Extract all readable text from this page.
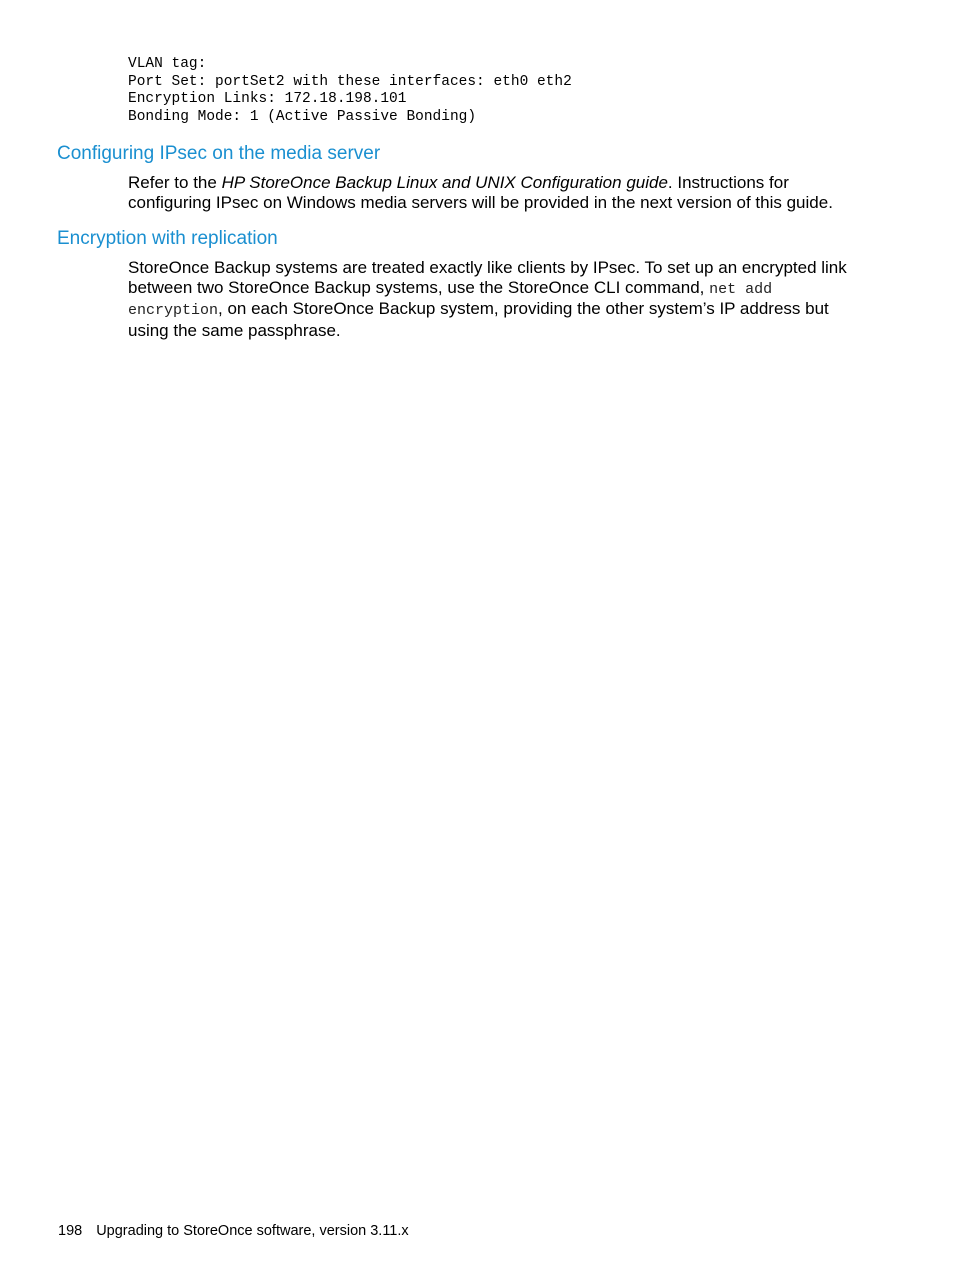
VLAN tag:
Port Set: portSet2 with these interfaces: eth0 eth2
Encryption Links: 172.18.198.101
Bonding Mode: 1 (Active Passive Bonding)
Configuring IPsec on the media server

Refer to the HP StoreOnce Backup Linux and UNIX Configuration guide. Instructions for configuring IPsec on Windows media servers will be provided in the next version of this guide.

Encryption with replication

StoreOnce Backup systems are treated exactly like clients by IPsec. To set up an encrypted link between two StoreOnce Backup systems, use the StoreOnce CLI command, net add encryption, on each StoreOnce Backup system, providing the other system’s IP address but using the same passphrase.

198 Upgrading to StoreOnce software, version 3.11.x
